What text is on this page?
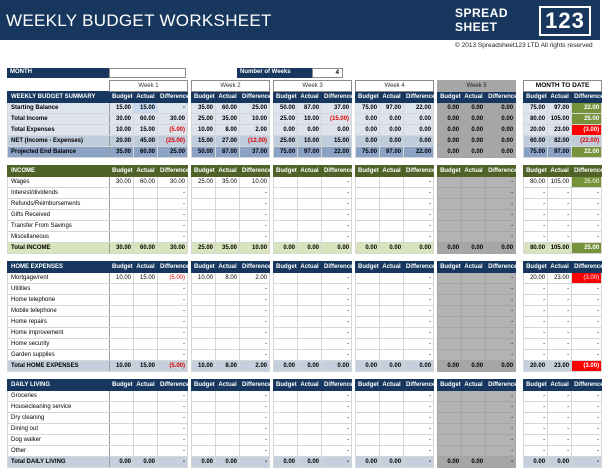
WEEKLY BUDGET WORKSHEET	SPREAD
SHEET 123
© 2013 Spreadsheet123 LTD All rights reserved
MONTH	Number of Weeks	4
	Week 1				Week 2				Week 3				Week 4				Week 5				MONTH TO DATE		
WEEKLY BUDGET SUMMARY	Budget	Actual	Difference		Budget	Actual	Difference		Budget	Actual	Difference		Budget	Actual	Difference		Budget	Actual	Difference		Budget	Actual	Difference
Starting Balance	15.00	15.00	-		35.00	60.00	25.00		50.00	87.00	37.00		75.00	97.00	22.00		0.00	0.00	0.00		75.00	97.00	22.00
Total Income	30.00	60.00	30.00		25.00	35.00	10.00		25.00	10.00	(15.00)		0.00	0.00	0.00		0.00	0.00	0.00		80.00	105.00	25.00
Total Expenses	10.00	15.00	(5.00)		10.00	8.00	2.00		0.00	0.00	0.00		0.00	0.00	0.00		0.00	0.00	0.00		20.00	23.00	(3.00)
NET (Income - Expenses)	20.00	45.00	(25.00)		15.00	27.00	(12.00)		25.00	10.00	15.00		0.00	0.00	0.00		0.00	0.00	0.00		60.00	82.00	(22.00)
Projected End Balance	35.00	60.00	25.00		50.00	87.00	37.00		75.00	97.00	22.00		75.00	97.00	22.00		0.00	0.00	0.00		75.00	97.00	22.00

INCOME	Budget	Actual	Difference		Budget	Actual	Difference		Budget	Actual	Difference		Budget	Actual	Difference		Budget	Actual	Difference		Budget	Actual	Difference
Wages	30.00	60.00	30.00		25.00	35.00	10.00				-				-				-		80.00	105.00	25.00
Interest/dividends			-				-				-				-				-		-	-	-
Refunds/Reimbursements			-				-				-				-				-		-	-	-
Gifts Received			-				-				-				-				-		-	-	-
Transfer From Savings			-				-				-				-				-		-	-	-
Miscellaneous			-				-				-				-				-		-	-	-
Total INCOME	30.00	60.00	30.00		25.00	35.00	10.00		0.00	0.00	0.00		0.00	0.00	0.00		0.00	0.00	0.00		80.00	105.00	25.00

HOME EXPENSES	Budget	Actual	Difference		Budget	Actual	Difference		Budget	Actual	Difference		Budget	Actual	Difference		Budget	Actual	Difference		Budget	Actual	Difference
Mortgage/rent	10.00	15.00	(5.00)		10.00	8.00	2.00				-				-				-		20.00	23.00	(3.00)
Utilities			-				-				-				-				-		-	-	-
Home telephone			-				-				-				-				-		-	-	-
Mobile telephone			-				-				-				-				-		-	-	-
Home repairs			-				-				-				-				-		-	-	-
Home improvement			-				-				-				-				-		-	-	-
Home security			-				-				-				-				-		-	-	-
Garden supplies			-				-				-				-				-		-	-	-
Total HOME EXPENSES	10.00	15.00	(5.00)		10.00	8.00	2.00		0.00	0.00	0.00		0.00	0.00	0.00		0.00	0.00	0.00		20.00	23.00	(3.00)

DAILY LIVING	Budget	Actual	Difference		Budget	Actual	Difference		Budget	Actual	Difference		Budget	Actual	Difference		Budget	Actual	Difference		Budget	Actual	Difference
Groceries			-				-				-				-				-		-	-	-
Housecleaning service			-				-				-				-				-		-	-	-
Dry cleaning			-				-				-				-				-		-	-	-
Dining out			-				-				-				-				-		-	-	-
Dog walker			-				-				-				-				-		-	-	-
Other			-				-				-				-				-		-	-	-
Total DAILY LIVING	0.00	0.00	-		0.00	0.00	-		0.00	0.00	-		0.00	0.00	-		0.00	0.00	-		0.00	0.00	-
